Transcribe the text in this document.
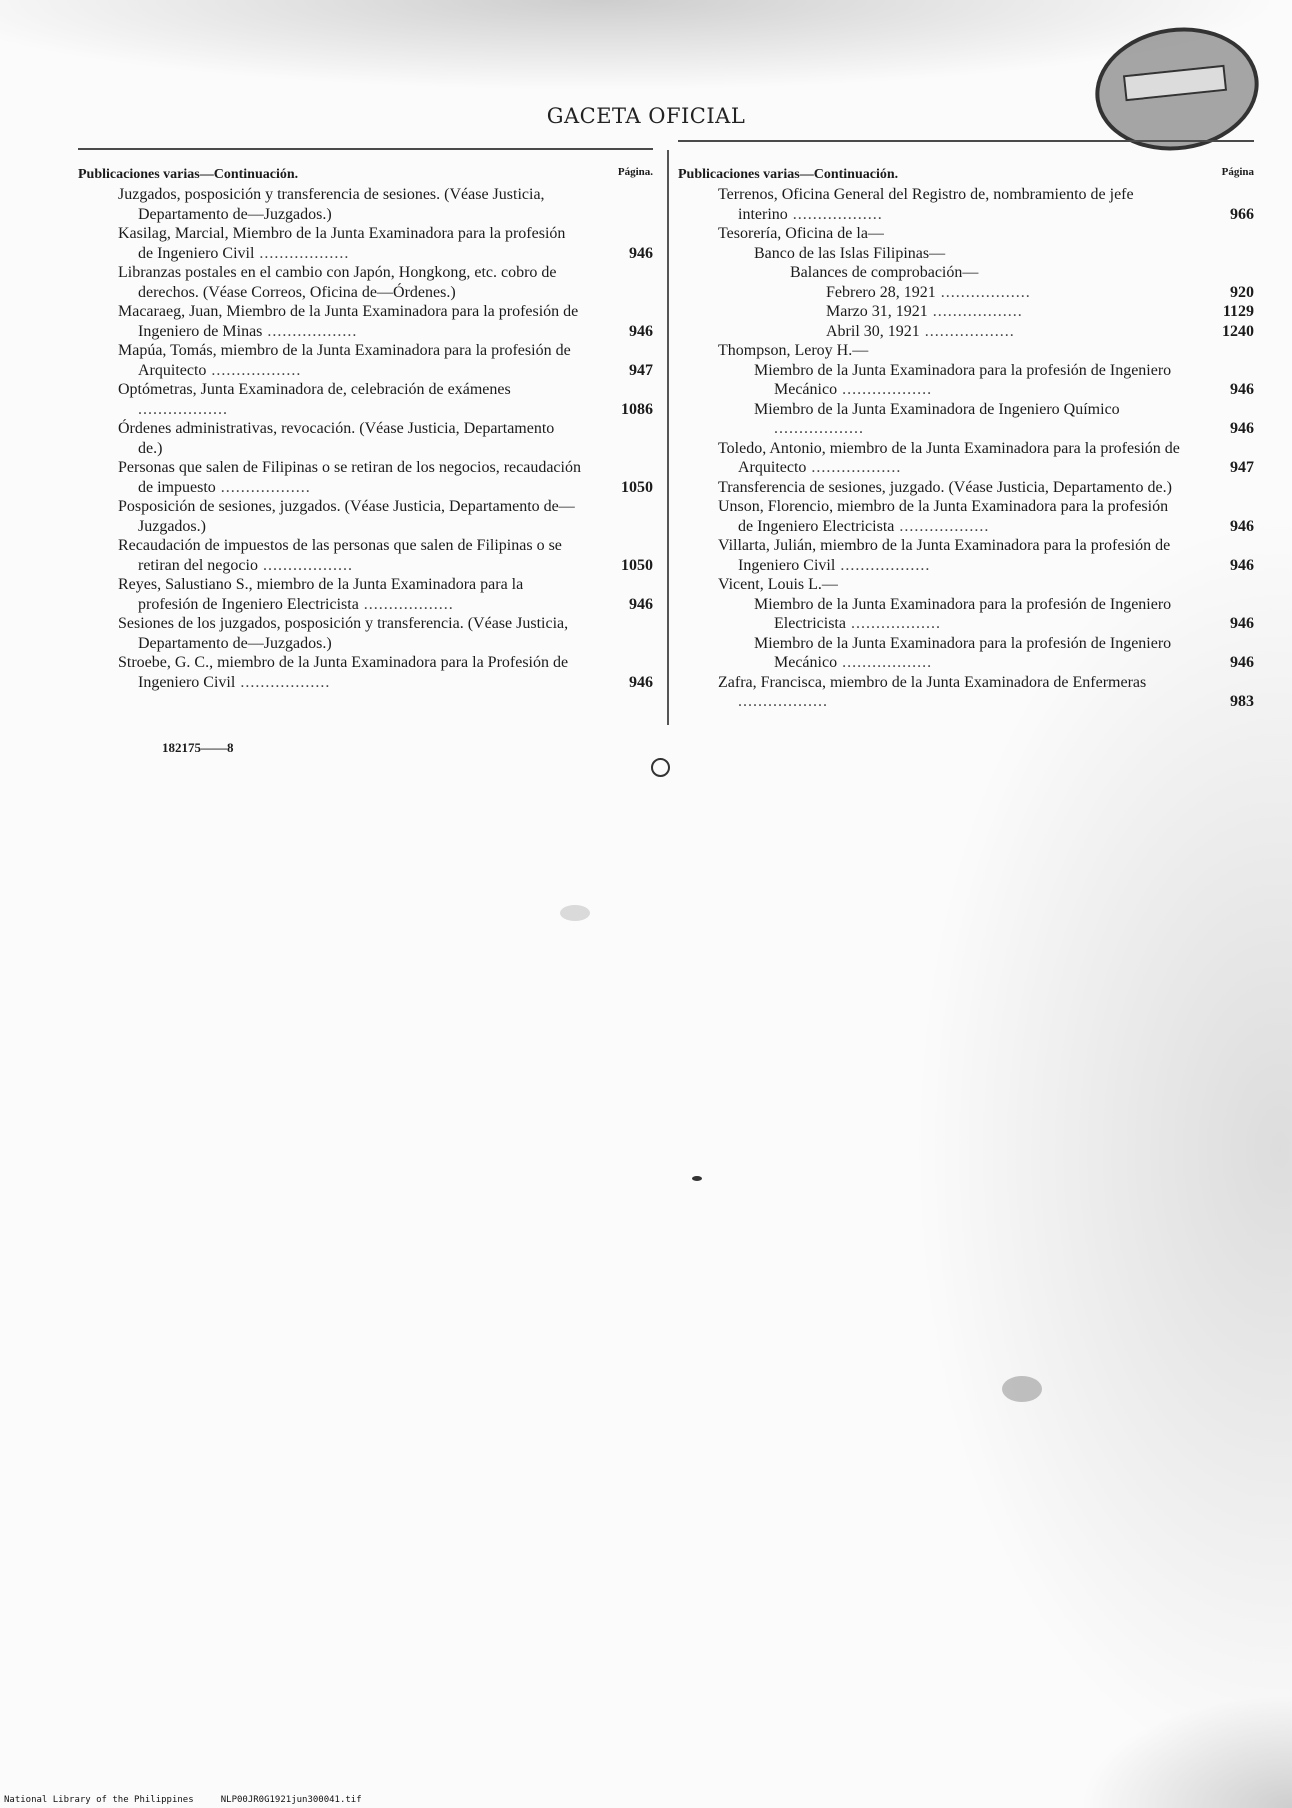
GACETA OFICIAL
Publicaciones varias—Continuación.	Página.
Juzgados, posposición y transferencia de sesiones. (Véase Justicia, Departamento de—Juzgados.)
Kasilag, Marcial, Miembro de la Junta Examinadora para la profesión de Ingeniero Civil ..................	946
Libranzas postales en el cambio con Japón, Hongkong, etc. cobro de derechos. (Véase Correos, Oficina de—Órdenes.)
Macaraeg, Juan, Miembro de la Junta Examinadora para la profesión de Ingeniero de Minas ..................	946
Mapúa, Tomás, miembro de la Junta Examinadora para la profesión de Arquitecto ..................	947
Optómetras, Junta Examinadora de, celebración de exámenes ..................	1086
Órdenes administrativas, revocación. (Véase Justicia, Departamento de.)
Personas que salen de Filipinas o se retiran de los negocios, recaudación de impuesto ..................	1050
Posposición de sesiones, juzgados. (Véase Justicia, Departamento de—Juzgados.)
Recaudación de impuestos de las personas que salen de Filipinas o se retiran del negocio ..................	1050
Reyes, Salustiano S., miembro de la Junta Examinadora para la profesión de Ingeniero Electricista ..................	946
Sesiones de los juzgados, posposición y transferencia. (Véase Justicia, Departamento de—Juzgados.)
Stroebe, G. C., miembro de la Junta Examinadora para la Profesión de Ingeniero Civil ..................	946
Publicaciones varias—Continuación.	Página
Terrenos, Oficina General del Registro de, nombramiento de jefe interino ..................	966
Tesorería, Oficina de la—
Banco de las Islas Filipinas—
Balances de comprobación—
Febrero 28, 1921 ..................	920
Marzo 31, 1921 ..................	1129
Abril 30, 1921 ..................	1240
Thompson, Leroy H.—
Miembro de la Junta Examinadora para la profesión de Ingeniero Mecánico ..................	946
Miembro de la Junta Examinadora de Ingeniero Químico ..................	946
Toledo, Antonio, miembro de la Junta Examinadora para la profesión de Arquitecto ..................	947
Transferencia de sesiones, juzgado. (Véase Justicia, Departamento de.)
Unson, Florencio, miembro de la Junta Examinadora para la profesión de Ingeniero Electricista ..................	946
Villarta, Julián, miembro de la Junta Examinadora para la profesión de Ingeniero Civil ..................	946
Vicent, Louis L.—
Miembro de la Junta Examinadora para la profesión de Ingeniero Electricista ..................	946
Miembro de la Junta Examinadora para la profesión de Ingeniero Mecánico ..................	946
Zafra, Francisca, miembro de la Junta Examinadora de Enfermeras ..................	983
182175——8
National Library of the Philippines	NLP00JR0G1921jun300041.tif
